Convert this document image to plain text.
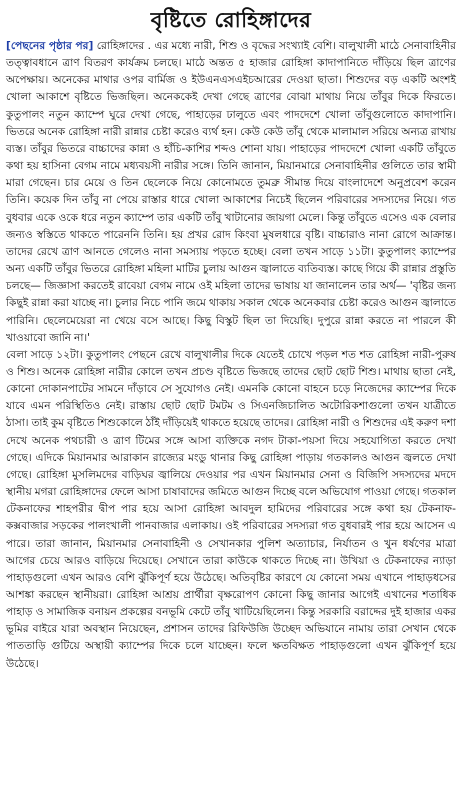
বৃষ্টিতে রোহিঙ্গাদের

[পেছনের পৃষ্ঠার পর] রোহিঙ্গাদের . এর মধ্যে নারী, শিশু ও বৃদ্ধের সংখ্যাই বেশি। বালুখালী মাঠে সেনাবাহিনীর তত্ত্বাবধানে ত্রাণ বিতরণ কার্যক্রম চলছে। মাঠে অন্তত ৫ হাজার রোহিঙ্গা কাদাপানিতে দাঁড়িয়ে ছিল ত্রাণের অপেক্ষায়। অনেকের মাথার ওপর বার্মিজ ও ইউএনএসএইচআরের দেওয়া ছাতা। শিশুদের বড় একটি অংশই খোলা আকাশে বৃষ্টিতে ভিজছিল। অনেককেই দেখা গেছে ত্রাণের বোঝা মাথায় নিয়ে তাঁবুর দিকে ফিরতে। কুতুপালং নতুন ক্যাম্পে ঘুরে দেখা গেছে, পাহাড়ের ঢালুতে এবং পাদদেশে খোলা তাঁবুগুলোতে কাদাপানি। ভিতরে অনেক রোহিঙ্গা নারী রান্নার চেষ্টা করেও ব্যর্থ হন। কেউ কেউ তাঁবু থেকে মালামাল সরিয়ে অন্যত্র রাখায় ব্যস্ত। তাঁবুর ভিতরে বাচ্চাদের কান্না ও হাঁচি-কাশির শব্দও শোনা যায়। পাহাড়ের পাদদেশে খোলা একটি তাঁবুতে কথা হয় হাসিনা বেগম নামে মধ্যবয়সী নারীর সঙ্গে। তিনি জানান, মিয়ানমারে সেনাবাহিনীর গুলিতে তার স্বামী মারা গেছেন। চার মেয়ে ও তিন ছেলেকে নিয়ে কোনোমতে তুমব্রু সীমান্ত দিয়ে বাংলাদেশে অনুপ্রবেশ করেন তিনি। কয়েক দিন তাঁবু না পেয়ে রাস্তার ধারে খোলা আকাশের নিচেই ছিলেন পরিবারের সদস্যদের নিয়ে। গত বুধবার একে ওকে ধরে নতুন ক্যাম্পে তার একটি তাঁবু খাটানোর জায়গা মেলে। কিন্তু তাঁবুতে এসেও এক বেলার জন্যও স্বস্তিতে থাকতে পারেননি তিনি। হয় প্রখর রোদ কিংবা মুষলধারে বৃষ্টি। বাচ্চারাও নানা রোগে আক্রান্ত। তাদের রেখে ত্রাণ আনতে গেলেও নানা সমস্যায় পড়তে হচ্ছে। বেলা তখন সাড়ে ১১টা। কুতুপালং ক্যাম্পের অন্য একটি তাঁবুর ভিতরে রোহিঙ্গা মহিলা মাটির চুলায় আগুন জ্বালাতে ব্যতিব্যস্ত। কাছে গিয়ে কী রান্নার প্রস্তুতি চলছে— জিজ্ঞাসা করতেই রাবেয়া বেগম নামে ওই মহিলা তাদের ভাষায় যা জানালেন তার অর্থ— 'বৃষ্টির জন্য কিছুই রান্না করা যাচ্ছে না। চুলার নিচে পানি জমে থাকায় সকাল থেকে অনেকবার চেষ্টা করেও আগুন জ্বালাতে পারিনি। ছেলেমেয়েরা না খেয়ে বসে আছে। কিছু বিস্কুট ছিল তা দিয়েছি। দুপুরে রান্না করতে না পারলে কী খাওয়াবো জানি না।'

বেলা সাড়ে ১২টা। কুতুপালং পেছনে রেখে বালুখালীর দিকে যেতেই চোখে পড়ল শত শত রোহিঙ্গা নারী-পুরুষ ও শিশু। অনেক রোহিঙ্গা নারীর কোলে তখন প্রচণ্ড বৃষ্টিতে ভিজছে তাদের ছোট ছোট শিশু। মাথায় ছাতা নেই, কোনো দোকানপাটের সামনে দাঁড়াবে সে সুযোগও নেই। এমনকি কোনো বাহনে চড়ে নিজেদের ক্যাম্পের দিকে যাবে এমন পরিস্থিতিও নেই। রাস্তায় ছোট ছোট টমটম ও সিএনজিচালিত অটোরিকশাগুলো তখন যাত্রীতে ঠাসা। তাই কুম বৃষ্টিতে শিশুকোলে ঠাঁই দাঁড়িয়েই থাকতে হয়েছে তাদের। রোহিঙ্গা নারী ও শিশুদের এই করুণ দশা দেখে অনেক পথচারী ও ত্রাণ টিমের সঙ্গে আসা ব্যক্তিকে নগদ টাকা-পয়সা দিয়ে সহযোগিতা করতে দেখা গেছে। এদিকে মিয়ানমার আরাকান রাজ্যের মংডু থানার কিছু রোহিঙ্গা পাড়ায় গতকালও আগুন জ্বলতে দেখা গেছে। রোহিঙ্গা মুসলিমদের বাড়িঘর জ্বালিয়ে দেওয়ার পর এখন মিয়ানমার সেনা ও বিজিপি সদস্যদের মদদে স্থানীয় মগরা রোহিঙ্গাদের ফেলে আসা চাষাবাদের জমিতে আগুন দিচ্ছে বলে অভিযোগ পাওয়া গেছে। গতকাল টেকনাফের শাহপরীর দ্বীপ পার হয়ে আসা রোহিঙ্গা আবদুল হামিদের পরিবারের সঙ্গে কথা হয় টেকনাফ-কক্সবাজার সড়কের পালংখালী পানবাজার এলাকায়। ওই পরিবারের সদস্যরা গত বুধবারই পার হয়ে আসেন এ পারে। তারা জানান, মিয়ানমার সেনাবাহিনী ও সেখানকার পুলিশ অত্যাচার, নির্যাতন ও খুন ধর্ষণের মাত্রা আগের চেয়ে আরও বাড়িয়ে দিয়েছে। সেখানে তারা কাউকে থাকতে দিচ্ছে না। উখিয়া ও টেকনাফের ন্যাড়া পাহাড়গুলো এখন আরও বেশি ঝুঁকিপূর্ণ হয়ে উঠেছে। অতিবৃষ্টির কারণে যে কোনো সময় এখানে পাহাড়ধসের আশঙ্কা করছেন স্থানীয়রা। রোহিঙ্গা আশ্রয় প্রার্থীরা বৃক্ষরোপণ কোনো কিছু জানার আগেই এখানের শতাধিক পাহাড় ও সামাজিক বনায়ন প্রকল্পের বনভূমি কেটে তাঁবু খাটিয়েছিলেন। কিন্তু সরকারি বরাদ্দের দুই হাজার একর ভূমির বাইরে যারা অবস্থান নিয়েছেন, প্রশাসন তাদের রিফিউজি উচ্ছেদ অভিযানে নামায় তারা সেখান থেকে পাততাড়ি গুটিয়ে অস্থায়ী ক্যাম্পের দিকে চলে যাচ্ছেন। ফলে ক্ষতবিক্ষত পাহাড়গুলো এখন ঝুঁকিপূর্ণ হয়ে উঠেছে।
